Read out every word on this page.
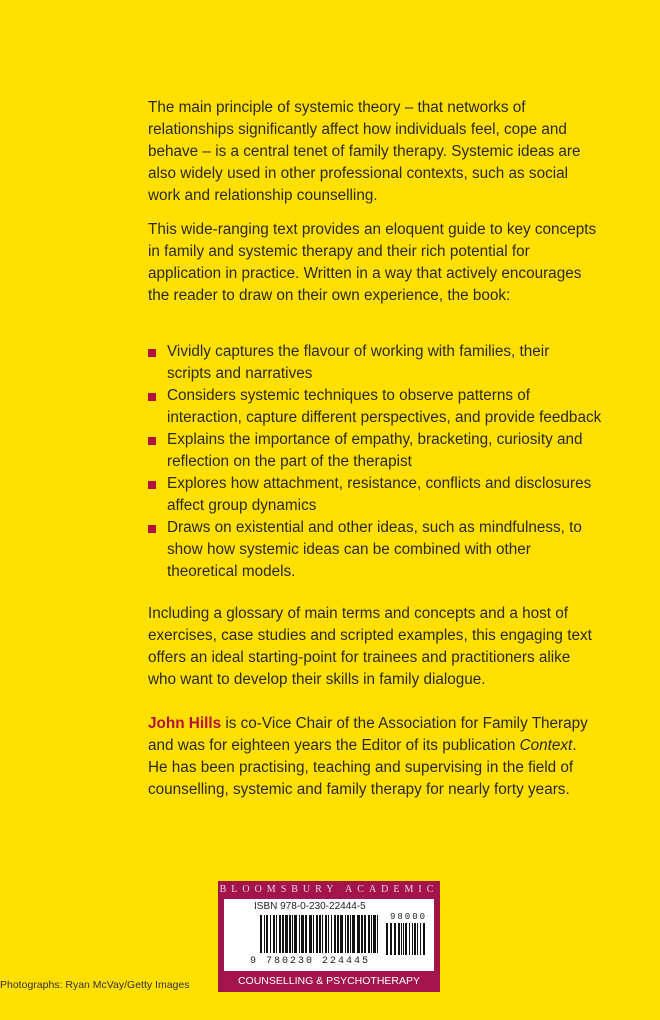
The main principle of systemic theory – that networks of
relationships significantly affect how individuals feel, cope and
behave – is a central tenet of family therapy. Systemic ideas are
also widely used in other professional contexts, such as social
work and relationship counselling.
This wide-ranging text provides an eloquent guide to key concepts
in family and systemic therapy and their rich potential for
application in practice. Written in a way that actively encourages
the reader to draw on their own experience, the book:
Vividly captures the flavour of working with families, their
scripts and narratives
Considers systemic techniques to observe patterns of
interaction, capture different perspectives, and provide feedback
Explains the importance of empathy, bracketing, curiosity and
reflection on the part of the therapist
Explores how attachment, resistance, conflicts and disclosures
affect group dynamics
Draws on existential and other ideas, such as mindfulness, to
show how systemic ideas can be combined with other
theoretical models.
Including a glossary of main terms and concepts and a host of
exercises, case studies and scripted examples, this engaging text
offers an ideal starting-point for trainees and practitioners alike
who want to develop their skills in family dialogue.
John Hills is co-Vice Chair of the Association for Family Therapy
and was for eighteen years the Editor of its publication Context.
He has been practising, teaching and supervising in the field of
counselling, systemic and family therapy for nearly forty years.
Photographs: Ryan McVay/Getty Images
BLOOMSBURY ACADEMIC
ISBN 978-0-230-22444-5
98000
9 780230 224445
COUNSELLING & PSYCHOTHERAPY
